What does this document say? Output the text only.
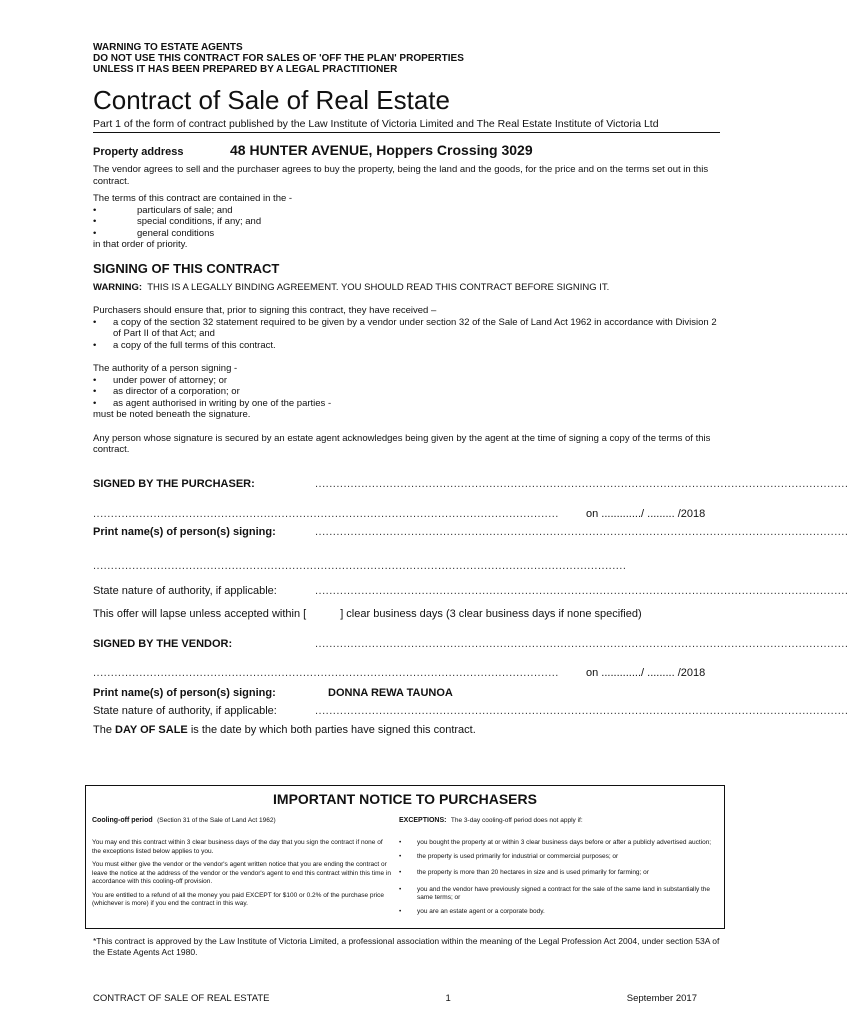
WARNING TO ESTATE AGENTS
DO NOT USE THIS CONTRACT FOR SALES OF 'OFF THE PLAN' PROPERTIES
UNLESS IT HAS BEEN PREPARED BY A LEGAL PRACTITIONER
Contract of Sale of Real Estate
Part 1 of the form of contract published by the Law Institute of Victoria Limited and The Real Estate Institute of Victoria Ltd
Property address	48 HUNTER AVENUE, Hoppers Crossing 3029
The vendor agrees to sell and the purchaser agrees to buy the property, being the land and the goods, for the price and on the terms set out in this contract.
The terms of this contract are contained in the -
•	particulars of sale; and
•	special conditions, if any; and
•	general conditions
in that order of priority.
SIGNING OF THIS CONTRACT
WARNING: THIS IS A LEGALLY BINDING AGREEMENT. YOU SHOULD READ THIS CONTRACT BEFORE SIGNING IT.
Purchasers should ensure that, prior to signing this contract, they have received –
•	a copy of the section 32 statement required to be given by a vendor under section 32 of the Sale of Land Act 1962 in accordance with Division 2 of Part II of that Act; and
•	a copy of the full terms of this contract.
The authority of a person signing -
•	under power of attorney; or
•	as director of a corporation; or
•	as agent authorised in writing by one of the parties -
must be noted beneath the signature.
Any person whose signature is secured by an estate agent acknowledges being given by the agent at the time of signing a copy of the terms of this contract.
SIGNED BY THE PURCHASER:	......................................................................................................................................................
...................................................................................................................................	on ............./ ......... /2018
Print name(s) of person(s) signing:	......................................................................................................................................................
......................................................................................................................................................
State nature of authority, if applicable:	......................................................................................................................................................
This offer will lapse unless accepted within [	] clear business days (3 clear business days if none specified)
SIGNED BY THE VENDOR:	......................................................................................................................................................
...................................................................................................................................	on ............./ ......... /2018
Print name(s) of person(s) signing:	DONNA REWA TAUNOA
State nature of authority, if applicable:	......................................................................................................................................................
The DAY OF SALE is the date by which both parties have signed this contract.
IMPORTANT NOTICE TO PURCHASERS
Cooling-off period (Section 31 of the Sale of Land Act 1962)
You may end this contract within 3 clear business days of the day that you sign the contract if none of the exceptions listed below applies to you.
You must either give the vendor or the vendor's agent written notice that you are ending the contract or leave the notice at the address of the vendor or the vendor's agent to end this contract within this time in accordance with this cooling-off provision.
You are entitled to a refund of all the money you paid EXCEPT for $100 or 0.2% of the purchase price (whichever is more) if you end the contract in this way.
EXCEPTIONS: The 3-day cooling-off period does not apply if:
•	you bought the property at or within 3 clear business days before or after a publicly advertised auction;
•	the property is used primarily for industrial or commercial purposes; or
•	the property is more than 20 hectares in size and is used primarily for farming; or
•	you and the vendor have previously signed a contract for the sale of the same land in substantially the same terms; or
•	you are an estate agent or a corporate body.
*This contract is approved by the Law Institute of Victoria Limited, a professional association within the meaning of the Legal Profession Act 2004, under section 53A of the Estate Agents Act 1980.
CONTRACT OF SALE OF REAL ESTATE	1	September 2017
